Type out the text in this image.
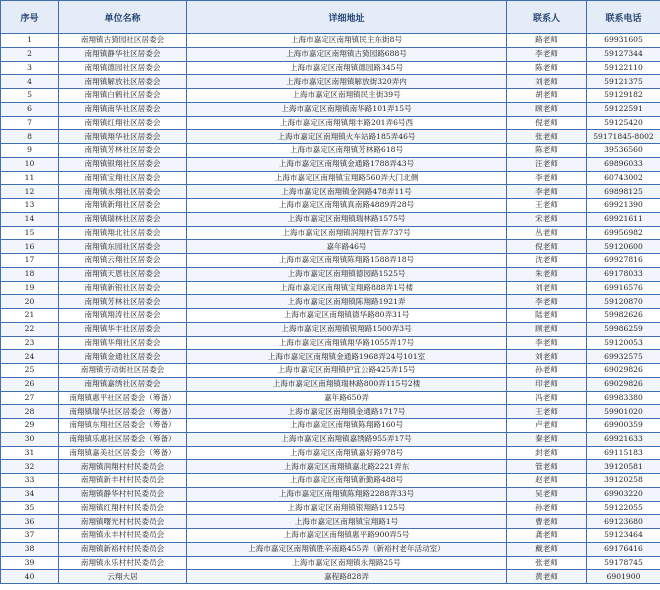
序号	单位名称	详细地址	联系人	联系电话
1	南翔镇古猗园社区居委会	上海市嘉定区南翔镇民主东街8号	路老师	69931605
2	南翔镇静华社区居委会	上海市嘉定区南翔镇古猗园路688号	李老师	59127344
3	南翔镇德园社区居委会	上海市嘉定区南翔镇德园路345号	陈老师	59122110
4	南翔镇解放社区居委会	上海市嘉定区南翔镇解放街320弄内	刘老师	59121375
5	南翔镇白鹤社区居委会	上海市嘉定区南翔镇民主街39号	胡老师	59129182
6	南翔镇南华社区居委会	上海市嘉定区南翔镇南华路101弄15号	顾老师	59122591
7	南翔镇红翔社区居委会	上海市嘉定区南翔镇翔丰路201弄6号西	倪老师	59125420
8	南翔镇翔华社区居委会	上海市嘉定区南翔镇火车站路185弄46号	张老师	59171845-8002
9	南翔镇芳林社区居委会	上海市嘉定区南翔镇芳林路618号	陈老师	39536560
10	南翔镇银翔社区居委会	上海市嘉定区南翔镇金通路1788弄43号	汪老师	69896033
11	南翔镇宝翔社区居委会	上海市嘉定区南翔镇宝翔路560弄大门北侧	李老师	60743002
12	南翔镇永翔社区居委会	上海市嘉定区南翔镇金润路478弄11号	李老师	69898125
13	南翔镇新翔社区居委会	上海市嘉定区南翔镇真南路4889弄28号	王老师	69921390
14	南翔镇瑞林社区居委会	上海市嘉定区南翔镇瑞林路1575号	宋老师	69921611
15	南翔镇翔北社区居委会	上海市嘉定区南翔镇润翔村管弄737号	丛老师	69956982
16	南翔镇东园社区居委会	嘉年路46号	倪老师	59120600
17	南翔镇云翔社区居委会	上海市嘉定区南翔镇陈翔路1588弄18号	沈老师	69927816
18	南翔镇天恩社区居委会	上海市嘉定区南翔镇德园路1525号	朱老师	69178033
19	南翔镇新银社区居委会	上海市嘉定区南翔镇宝翔路888弄1号楼	刘老师	69916576
20	南翔镇芳林社区居委会	上海市嘉定区南翔镇陈翔路1921弄	李老师	59120870
21	南翔镇翔涛社区居委会	上海市嘉定区南翔镇德华路80弄31号	陆老师	59982626
22	南翔镇华丰社区居委会	上海市嘉定区南翔镇银翔路1500弄3号	顾老师	59986259
23	南翔镇华翔社区居委会	上海市嘉定区南翔镇翔华路1055弄17号	李老师	59120053
24	南翔镇金通社区居委会	上海市嘉定区南翔镇金通路1968弄24号101室	刘老师	69932575
25	南翔镇劳动街社区居委会	上海市嘉定区南翔镇护宜公路425弄15号	孙老师	69029826
26	南翔镇嘉绣社区居委会	上海市嘉定区南翔镇瑞林路800弄115号2楼	印老师	69029826
27	南翔镇惠平社区居委会（筹备）	嘉年路650弄	冯老师	69983380
28	南翔镇瑞华社区居委会（筹备）	上海市嘉定区南翔镇金通路1717号	王老师	59901020
29	南翔镇东翔社区居委会（筹备）	上海市嘉定区南翔镇陈翔路160号	卢老师	69900359
30	南翔镇乐惠社区居委会（筹备）	上海市嘉定区南翔镇嘉绣路955弄17号	秦老师	69921633
31	南翔镇嘉美社区居委会（筹备）	上海市嘉定区南翔镇嘉好路978号	封老师	69115183
32	南翔镇润翔村村民委员会	上海市嘉定区南翔镇嘉北路2221弄东	管老师	39120581
33	南翔镇新丰村村民委员会	上海市嘉定区南翔镇新勤路488号	赵老师	39120258
34	南翔镇静华村村民委员会	上海市嘉定区南翔镇陈翔路2288弄33号	吴老师	69903220
35	南翔镇红翔村村民委员会	上海市嘉定区南翔镇银翔路1125号	孙老师	59122055
36	南翔镇曙光村村民委员会	上海市嘉定区南翔镇宝翔路1号	曹老师	69123680
37	南翔镇永丰村村民委员会	上海市嘉定区南翔镇惠平路900弄5号	龚老师	59123464
38	南翔镇新裕村村民委员会	上海市嘉定区南翔镇胜辛南路455弄（新裕村老年活动室）	戴老师	69176416
39	南翔镇永乐村村民委员会	上海市嘉定区南翔镇永翔路25号	张老师	59178745
40	云翔大居	嘉程路828弄	黄老师	6901900
